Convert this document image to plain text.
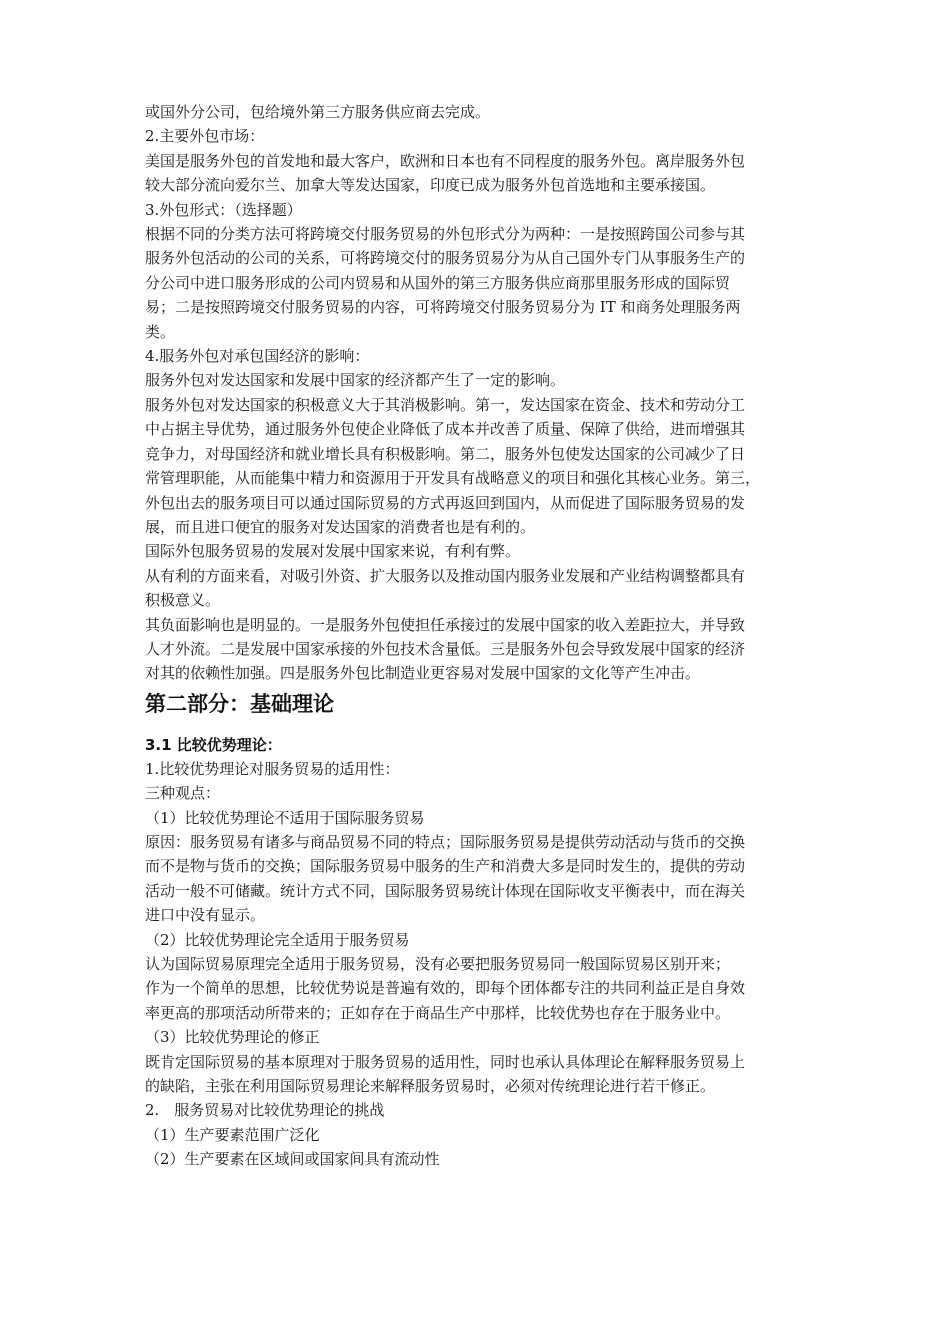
或国外分公司，包给境外第三方服务供应商去完成。
2.主要外包市场：
美国是服务外包的首发地和最大客户，欧洲和日本也有不同程度的服务外包。离岸服务外包
较大部分流向爱尔兰、加拿大等发达国家，印度已成为服务外包首选地和主要承接国。
3.外包形式：（选择题）
根据不同的分类方法可将跨境交付服务贸易的外包形式分为两种：一是按照跨国公司参与其
服务外包活动的公司的关系，可将跨境交付的服务贸易分为从自己国外专门从事服务生产的
分公司中进口服务形成的公司内贸易和从国外的第三方服务供应商那里服务形成的国际贸
易；二是按照跨境交付服务贸易的内容，可将跨境交付服务贸易分为 IT 和商务处理服务两
类。
4.服务外包对承包国经济的影响：
服务外包对发达国家和发展中国家的经济都产生了一定的影响。
服务外包对发达国家的积极意义大于其消极影响。第一，发达国家在资金、技术和劳动分工
中占据主导优势，通过服务外包使企业降低了成本并改善了质量、保障了供给，进而增强其
竞争力，对母国经济和就业增长具有积极影响。第二，服务外包使发达国家的公司减少了日
常管理职能，从而能集中精力和资源用于开发具有战略意义的项目和强化其核心业务。第三，
外包出去的服务项目可以通过国际贸易的方式再返回到国内，从而促进了国际服务贸易的发
展，而且进口便宜的服务对发达国家的消费者也是有利的。
国际外包服务贸易的发展对发展中国家来说，有利有弊。
从有利的方面来看，对吸引外资、扩大服务以及推动国内服务业发展和产业结构调整都具有
积极意义。
其负面影响也是明显的。一是服务外包使担任承接过的发展中国家的收入差距拉大，并导致
人才外流。二是发展中国家承接的外包技术含量低。三是服务外包会导致发展中国家的经济
对其的依赖性加强。四是服务外包比制造业更容易对发展中国家的文化等产生冲击。
第二部分：基础理论
3.1 比较优势理论：
1.比较优势理论对服务贸易的适用性：
三种观点：
（1）比较优势理论不适用于国际服务贸易
原因：服务贸易有诸多与商品贸易不同的特点；国际服务贸易是提供劳动活动与货币的交换
而不是物与货币的交换；国际服务贸易中服务的生产和消费大多是同时发生的，提供的劳动
活动一般不可储藏。统计方式不同，国际服务贸易统计体现在国际收支平衡表中，而在海关
进口中没有显示。
（2）比较优势理论完全适用于服务贸易
认为国际贸易原理完全适用于服务贸易，没有必要把服务贸易同一般国际贸易区别开来；
作为一个简单的思想，比较优势说是普遍有效的，即每个团体都专注的共同利益正是自身效
率更高的那项活动所带来的；正如存在于商品生产中那样，比较优势也存在于服务业中。
（3）比较优势理论的修正
既肯定国际贸易的基本原理对于服务贸易的适用性，同时也承认具体理论在解释服务贸易上
的缺陷，主张在利用国际贸易理论来解释服务贸易时，必须对传统理论进行若干修正。
2.　服务贸易对比较优势理论的挑战
（1）生产要素范围广泛化
（2）生产要素在区域间或国家间具有流动性
